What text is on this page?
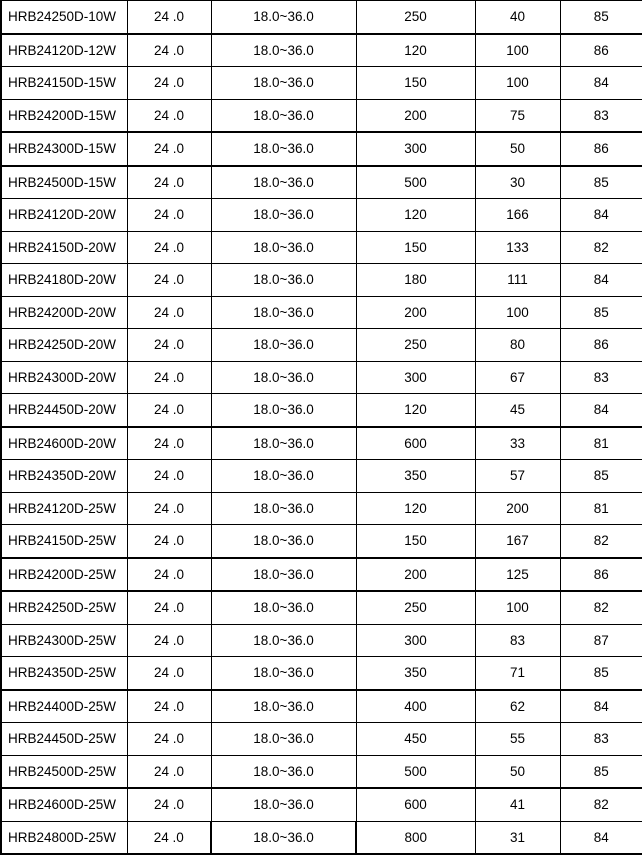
HRB24250D-10W	24 .0	18.0~36.0	250	40	85
HRB24120D-12W	24 .0	18.0~36.0	120	100	86
HRB24150D-15W	24 .0	18.0~36.0	150	100	84
HRB24200D-15W	24 .0	18.0~36.0	200	75	83
HRB24300D-15W	24 .0	18.0~36.0	300	50	86
HRB24500D-15W	24 .0	18.0~36.0	500	30	85
HRB24120D-20W	24 .0	18.0~36.0	120	166	84
HRB24150D-20W	24 .0	18.0~36.0	150	133	82
HRB24180D-20W	24 .0	18.0~36.0	180	111	84
HRB24200D-20W	24 .0	18.0~36.0	200	100	85
HRB24250D-20W	24 .0	18.0~36.0	250	80	86
HRB24300D-20W	24 .0	18.0~36.0	300	67	83
HRB24450D-20W	24 .0	18.0~36.0	120	45	84
HRB24600D-20W	24 .0	18.0~36.0	600	33	81
HRB24350D-20W	24 .0	18.0~36.0	350	57	85
HRB24120D-25W	24 .0	18.0~36.0	120	200	81
HRB24150D-25W	24 .0	18.0~36.0	150	167	82
HRB24200D-25W	24 .0	18.0~36.0	200	125	86
HRB24250D-25W	24 .0	18.0~36.0	250	100	82
HRB24300D-25W	24 .0	18.0~36.0	300	83	87
HRB24350D-25W	24 .0	18.0~36.0	350	71	85
HRB24400D-25W	24 .0	18.0~36.0	400	62	84
HRB24450D-25W	24 .0	18.0~36.0	450	55	83
HRB24500D-25W	24 .0	18.0~36.0	500	50	85
HRB24600D-25W	24 .0	18.0~36.0	600	41	82
HRB24800D-25W	24 .0	18.0~36.0	800	31	84
